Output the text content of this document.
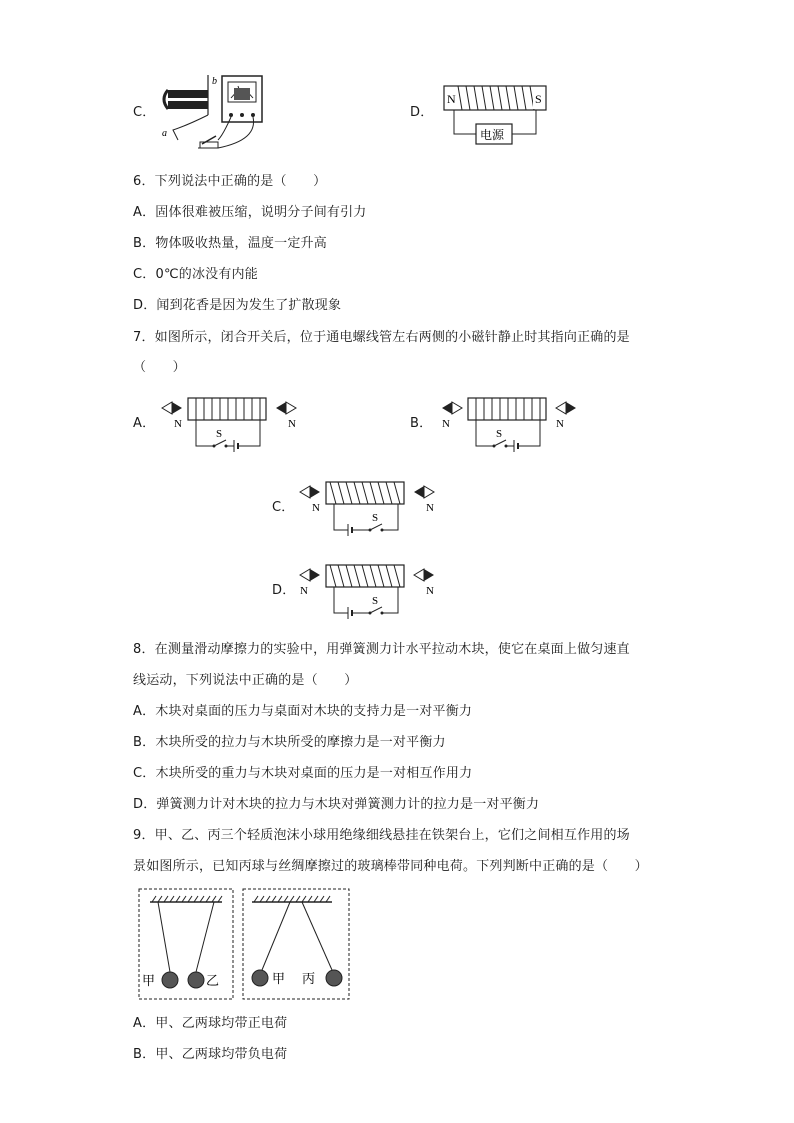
C．
a
b
D．
N	S
电源
6．下列说法中正确的是（　　）
A．固体很难被压缩，说明分子间有引力
B．物体吸收热量，温度一定升高
C．0℃的冰没有内能
D．闻到花香是因为发生了扩散现象
7．如图所示，闭合开关后，位于通电螺线管左右两侧的小磁针静止时其指向正确的是
（　　）
A． N	N
S
B． N	N
S
C． N	N
S
D． N	N
S
8．在测量滑动摩擦力的实验中，用弹簧测力计水平拉动木块，使它在桌面上做匀速直
线运动，下列说法中正确的是（　　）
A．木块对桌面的压力与桌面对木块的支持力是一对平衡力
B．木块所受的拉力与木块所受的摩擦力是一对平衡力
C．木块所受的重力与木块对桌面的压力是一对相互作用力
D．弹簧测力计对木块的拉力与木块对弹簧测力计的拉力是一对平衡力
9．甲、乙、丙三个轻质泡沫小球用绝缘细线悬挂在铁架台上，它们之间相互作用的场
景如图所示，已知丙球与丝绸摩擦过的玻璃棒带同种电荷。下列判断中正确的是（　　）
甲	乙	甲 丙
A．甲、乙两球均带正电荷
B．甲、乙两球均带负电荷
